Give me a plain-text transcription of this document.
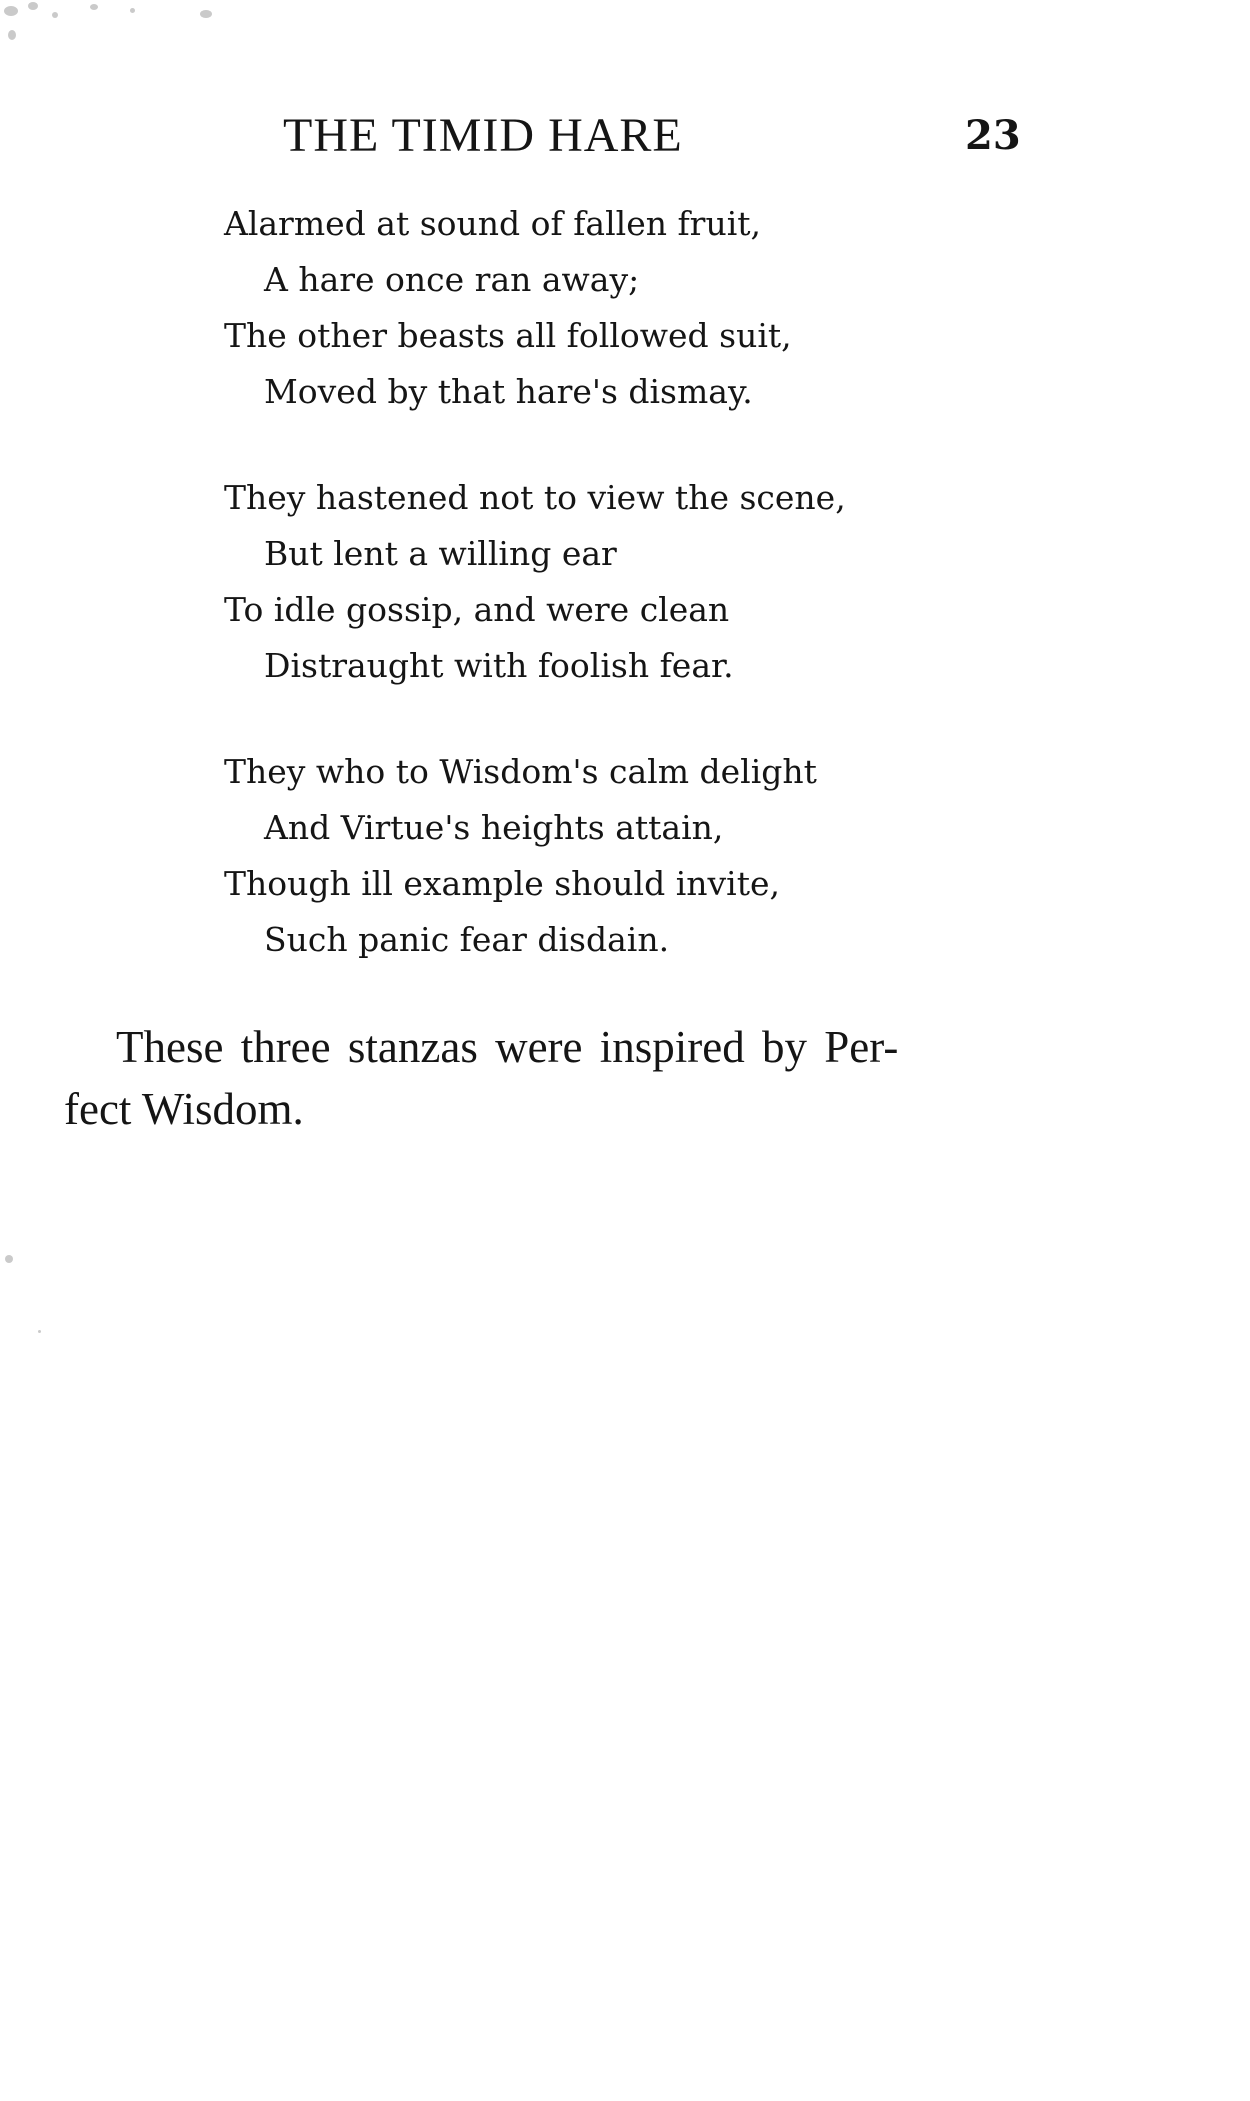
THE TIMID HARE	23
Alarmed at sound of fallen fruit,
A hare once ran away;
The other beasts all followed suit,
Moved by that hare's dismay.
They hastened not to view the scene,
But lent a willing ear
To idle gossip, and were clean
Distraught with foolish fear.
They who to Wisdom's calm delight
And Virtue's heights attain,
Though ill example should invite,
Such panic fear disdain.
These three stanzas were inspired by Per-
fect Wisdom.
